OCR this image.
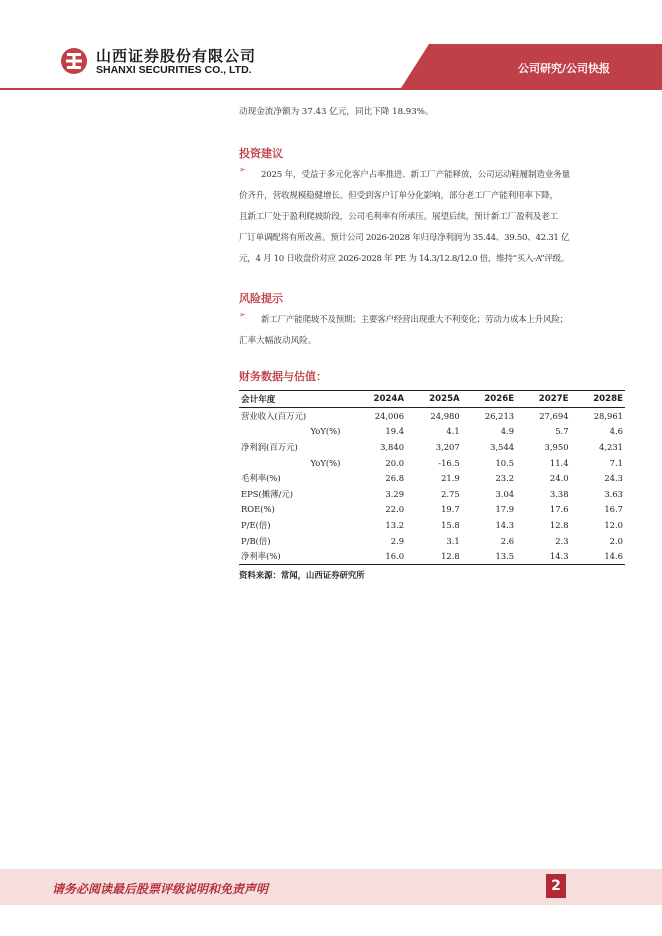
山西证券股份有限公司
SHANXI SECURITIES CO., LTD.	公司研究/公司快报

动现金流净额为 37.43 亿元，同比下降 18.93%。

投资建议

➢

2025 年，受益于多元化客户占率推进、新工厂产能释放，公司运动鞋履制造业务量

价齐升，营收规模稳健增长。但受到客户订单分化影响，部分老工厂产能利用率下降，

且新工厂处于盈利爬坡阶段，公司毛利率有所承压。展望后续，预计新工厂盈利及老工

厂订单调配将有所改善。预计公司 2026-2028 年归母净利润为 35.44、39.50、42.31 亿

元，4 月 10 日收盘价对应 2026-2028 年 PE 为 14.3/12.8/12.0 倍，维持“买入-A”评级。

风险提示

➢

新工厂产能爬坡不及预期；主要客户经营出现重大不利变化；劳动力成本上升风险；

汇率大幅波动风险。

财务数据与估值：

会计年度	2024A	2025A	2026E	2027E	2028E
营业收入(百万元)	24,006	24,980	26,213	27,694	28,961
YoY(%)	19.4	4.1	4.9	5.7	4.6
净利润(百万元)	3,840	3,207	3,544	3,950	4,231
YoY(%)	20.0	-16.5	10.5	11.4	7.1
毛利率(%)	26.8	21.9	23.2	24.0	24.3
EPS(摊薄/元)	3.29	2.75	3.04	3.38	3.63
ROE(%)	22.0	19.7	17.9	17.6	16.7
P/E(倍)	13.2	15.8	14.3	12.8	12.0
P/B(倍)	2.9	3.1	2.6	2.3	2.0
净利率(%)	16.0	12.8	13.5	14.3	14.6

资料来源：常闻，山西证券研究所

请务必阅读最后股票评级说明和免责声明	2
